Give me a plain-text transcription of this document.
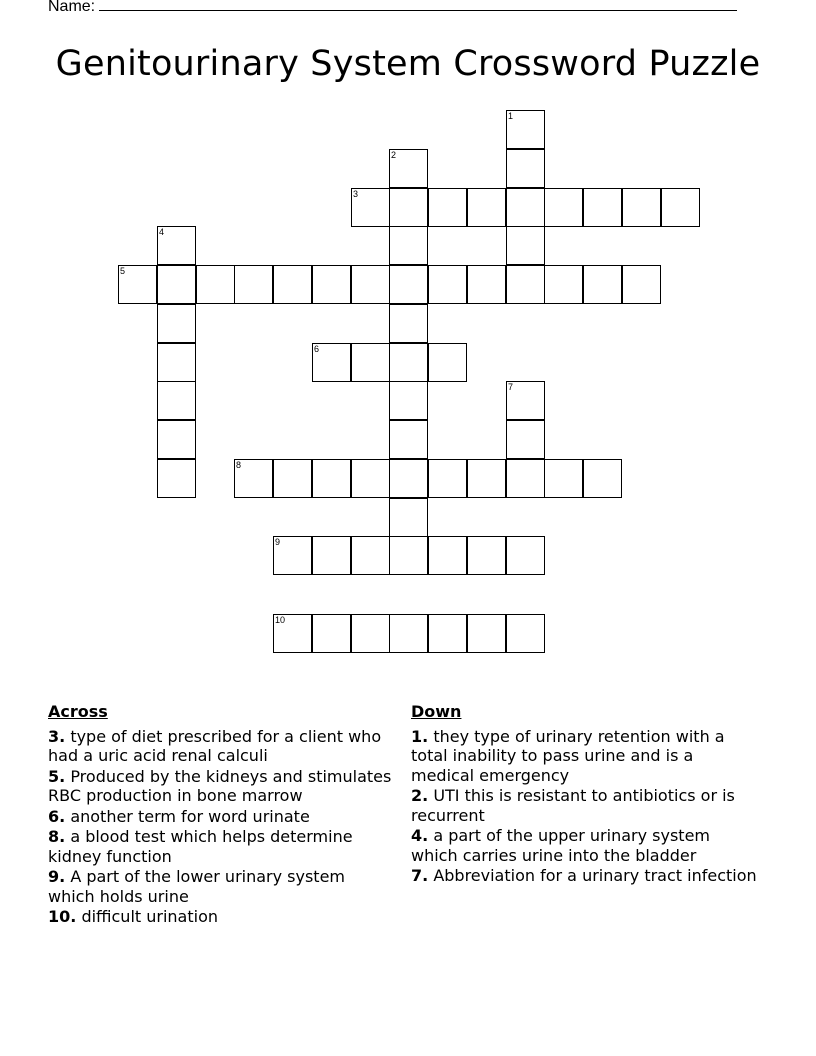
Name:
Genitourinary System Crossword Puzzle
1
2
3
4
5
6
7
8
9
10
Across
3. type of diet prescribed for a client who had a uric acid renal calculi
5. Produced by the kidneys and stimulates RBC production in bone marrow
6. another term for word urinate
8. a blood test which helps determine kidney function
9. A part of the lower urinary system which holds urine
10. difficult urination
Down
1. they type of urinary retention with a total inability to pass urine and is a medical emergency
2. UTI this is resistant to antibiotics or is recurrent
4. a part of the upper urinary system which carries urine into the bladder
7. Abbreviation for a urinary tract infection
